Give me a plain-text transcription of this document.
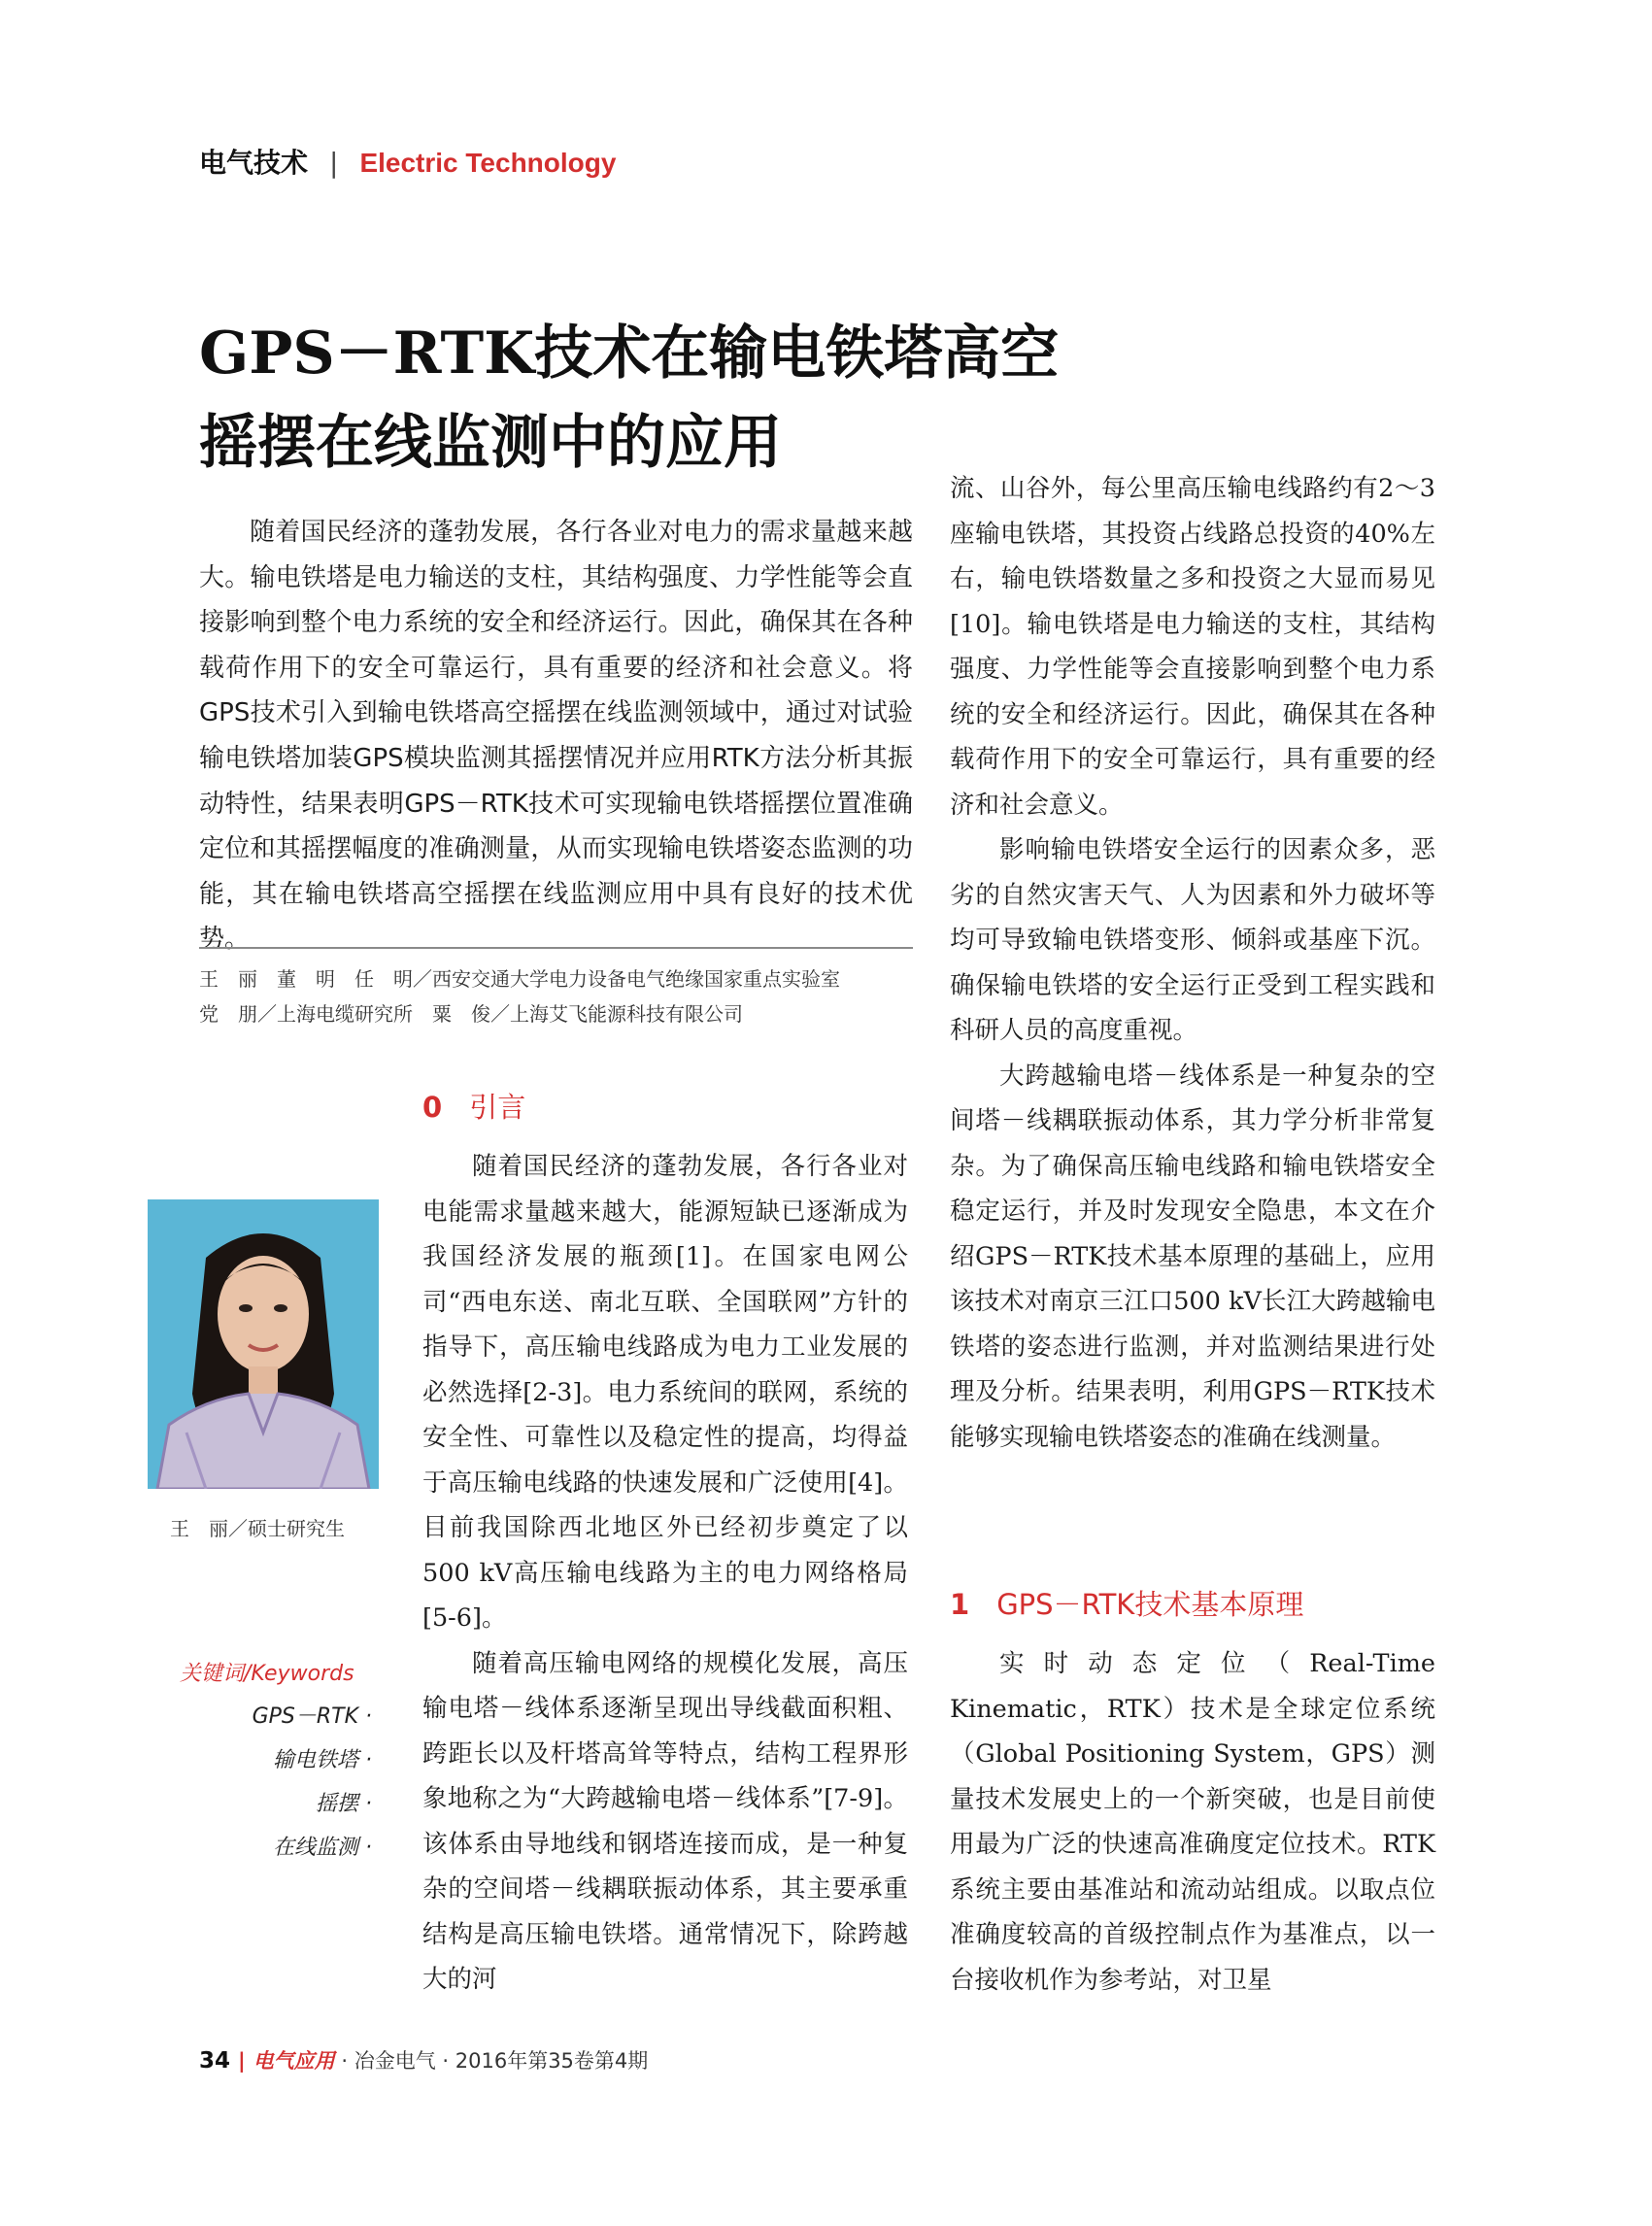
电气技术 | Electric Technology
GPS－RTK技术在输电铁塔高空
摇摆在线监测中的应用

随着国民经济的蓬勃发展，各行各业对电力的需求量越来越大。输电铁塔是电力输送的支柱，其结构强度、力学性能等会直接影响到整个电力系统的安全和经济运行。因此，确保其在各种载荷作用下的安全可靠运行，具有重要的经济和社会意义。将GPS技术引入到输电铁塔高空摇摆在线监测领域中，通过对试验输电铁塔加装GPS模块监测其摇摆情况并应用RTK方法分析其振动特性，结果表明GPS－RTK技术可实现输电铁塔摇摆位置准确定位和其摇摆幅度的准确测量，从而实现输电铁塔姿态监测的功能，其在输电铁塔高空摇摆在线监测应用中具有良好的技术优势。

王　丽　董　明　任　明／西安交通大学电力设备电气绝缘国家重点实验室
党　朋／上海电缆研究所　粟　俊／上海艾飞能源科技有限公司
王　丽／硕士研究生
关键词/Keywords
GPS－RTK ·
输电铁塔 ·
摇摆 ·
在线监测 ·
0 引言

随着国民经济的蓬勃发展，各行各业对电能需求量越来越大，能源短缺已逐渐成为我国经济发展的瓶颈[1]。在国家电网公司“西电东送、南北互联、全国联网”方针的指导下，高压输电线路成为电力工业发展的必然选择[2-3]。电力系统间的联网，系统的安全性、可靠性以及稳定性的提高，均得益于高压输电线路的快速发展和广泛使用[4]。目前我国除西北地区外已经初步奠定了以500 kV高压输电线路为主的电力网络格局[5-6]。

随着高压输电网络的规模化发展，高压输电塔－线体系逐渐呈现出导线截面积粗、跨距长以及杆塔高耸等特点，结构工程界形象地称之为“大跨越输电塔－线体系”[7-9]。该体系由导地线和钢塔连接而成，是一种复杂的空间塔－线耦联振动体系，其主要承重结构是高压输电铁塔。通常情况下，除跨越大的河

流、山谷外，每公里高压输电线路约有2～3座输电铁塔，其投资占线路总投资的40%左右，输电铁塔数量之多和投资之大显而易见[10]。输电铁塔是电力输送的支柱，其结构强度、力学性能等会直接影响到整个电力系统的安全和经济运行。因此，确保其在各种载荷作用下的安全可靠运行，具有重要的经济和社会意义。

影响输电铁塔安全运行的因素众多，恶劣的自然灾害天气、人为因素和外力破坏等均可导致输电铁塔变形、倾斜或基座下沉。确保输电铁塔的安全运行正受到工程实践和科研人员的高度重视。

大跨越输电塔－线体系是一种复杂的空间塔－线耦联振动体系，其力学分析非常复杂。为了确保高压输电线路和输电铁塔安全稳定运行，并及时发现安全隐患，本文在介绍GPS－RTK技术基本原理的基础上，应用该技术对南京三江口500 kV长江大跨越输电铁塔的姿态进行监测，并对监测结果进行处理及分析。结果表明，利用GPS－RTK技术能够实现输电铁塔姿态的准确在线测量。

1 GPS－RTK技术基本原理

实时动态定位（Real-Time Kinematic，RTK）技术是全球定位系统（Global Positioning System，GPS）测量技术发展史上的一个新突破，也是目前使用最为广泛的快速高准确度定位技术。RTK系统主要由基准站和流动站组成。以取点位准确度较高的首级控制点作为基准点，以一台接收机作为参考站，对卫星

34 | 电气应用 · 冶金电气 · 2016年第35卷第4期
